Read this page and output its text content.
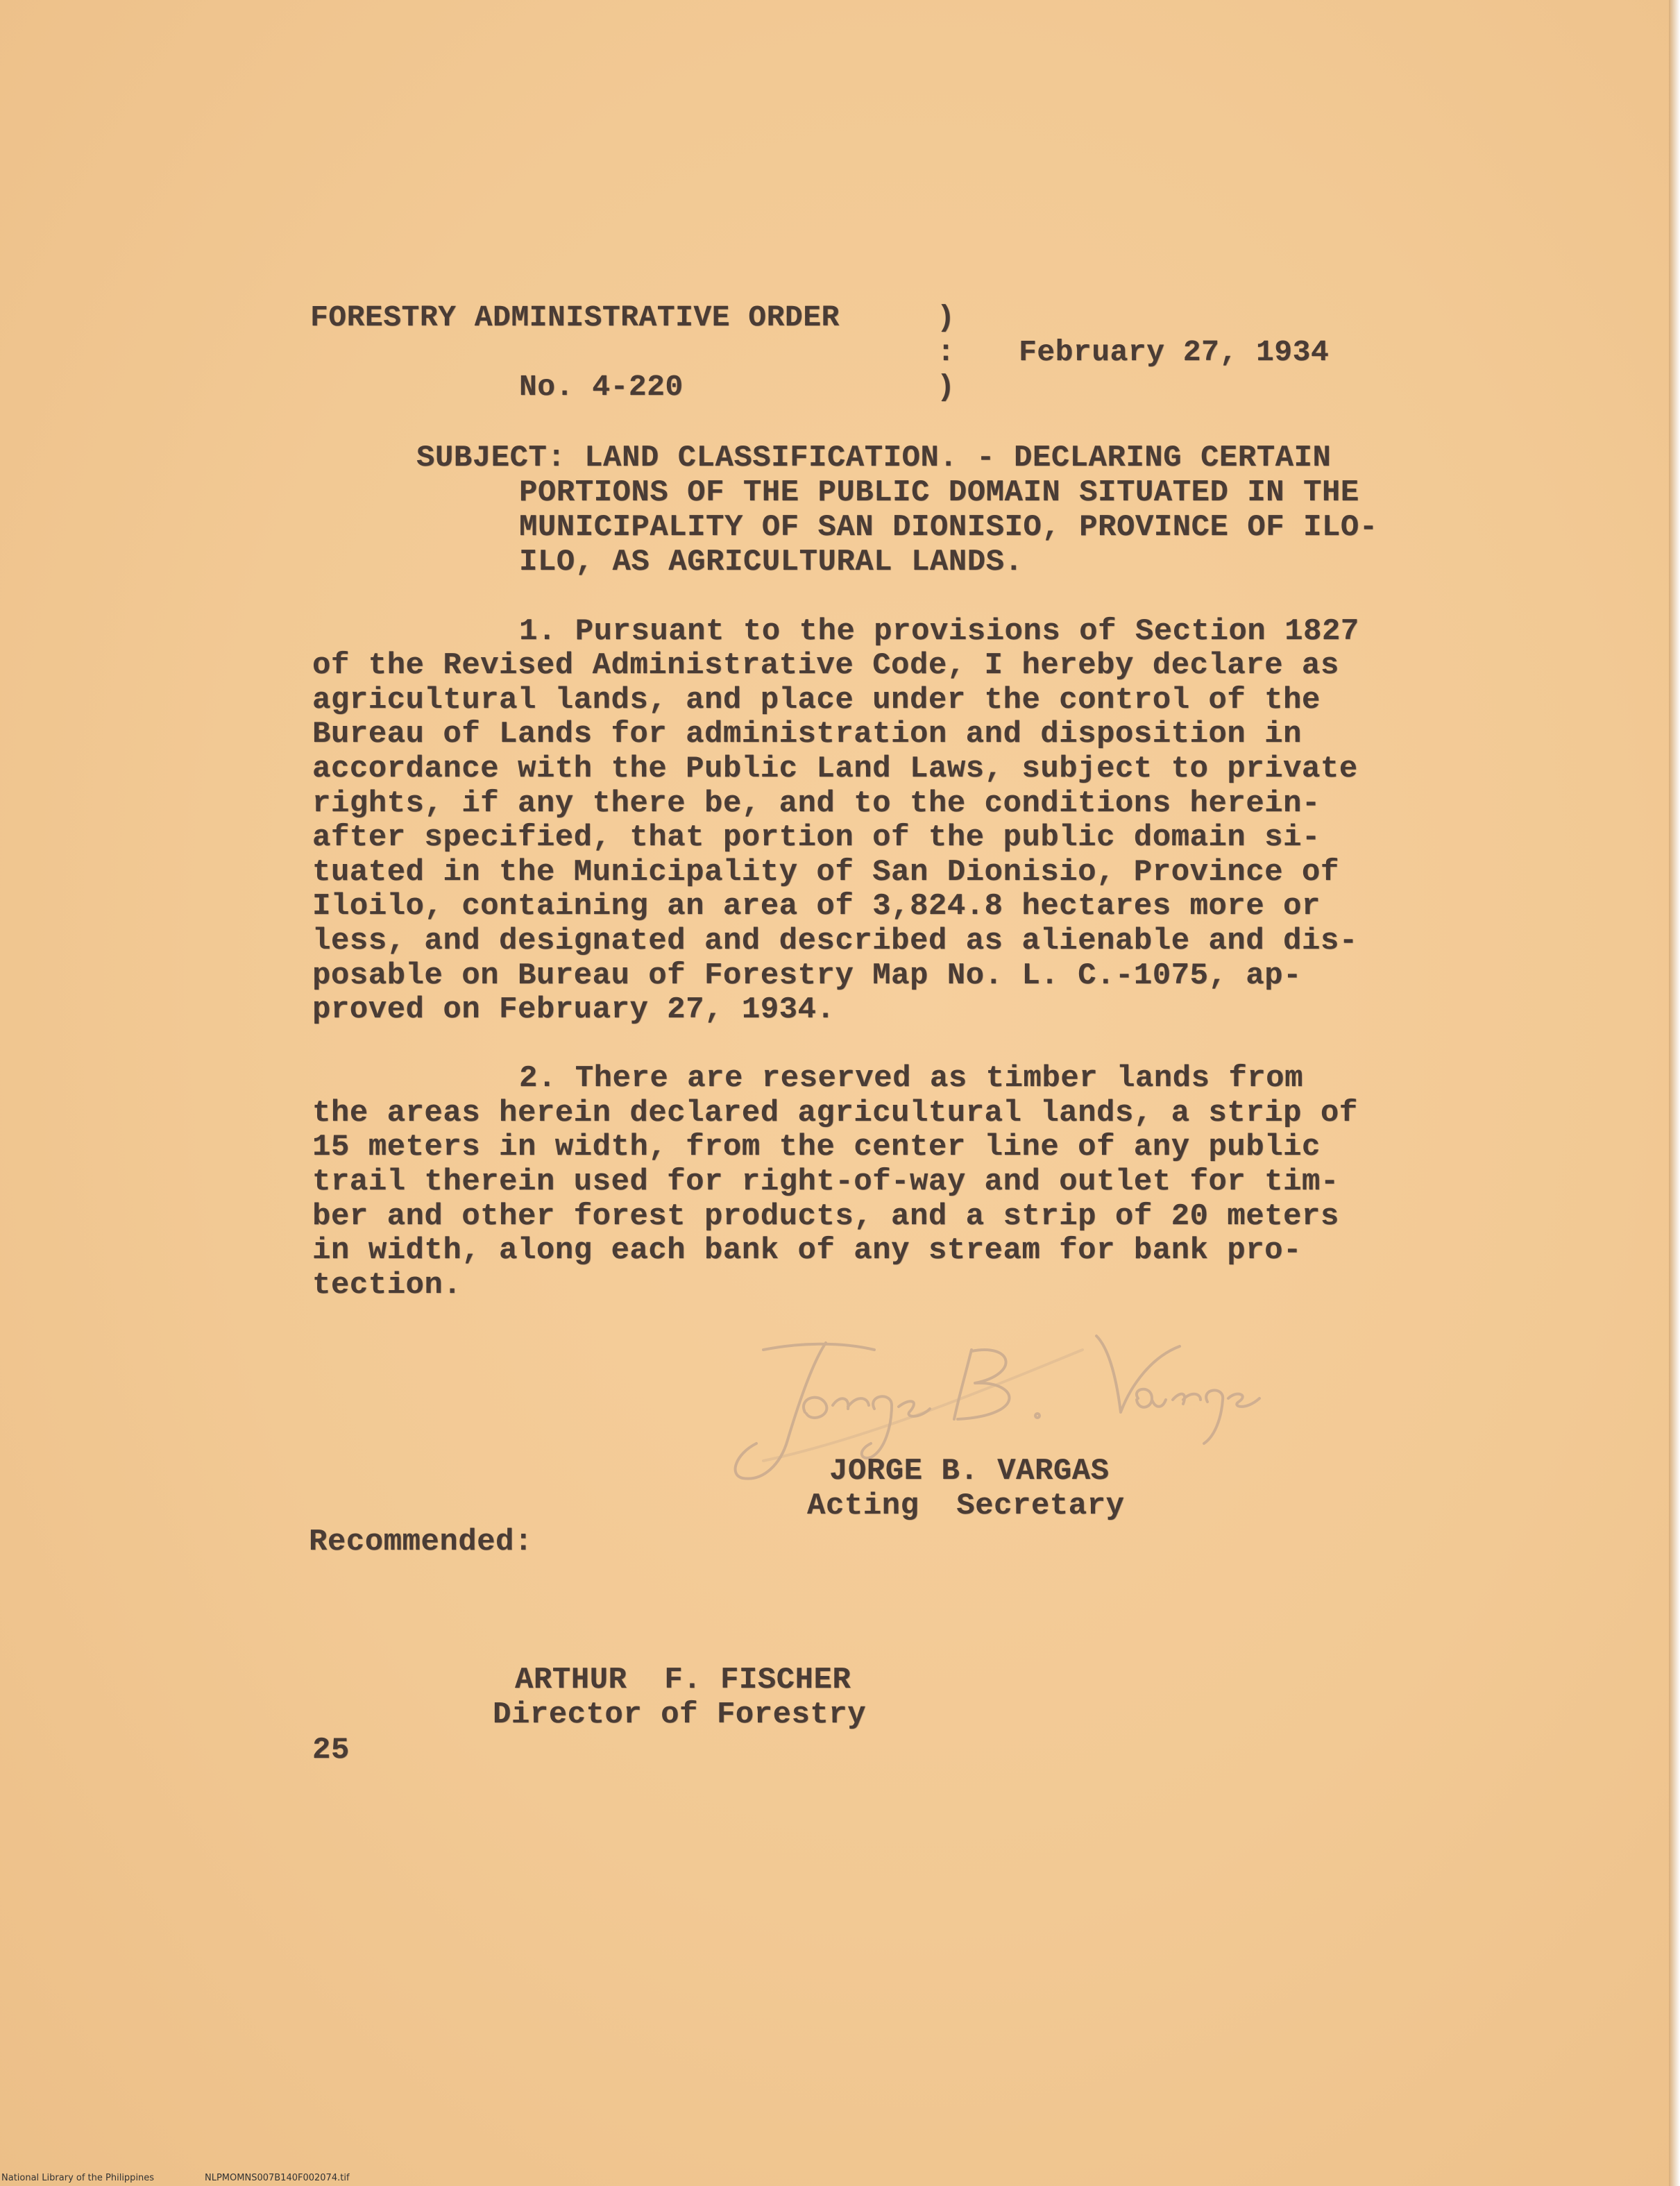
FORESTRY ADMINISTRATIVE ORDER
No. 4-220
)
:
)
February 27, 1934
SUBJECT: LAND CLASSIFICATION. - DECLARING CERTAIN
PORTIONS OF THE PUBLIC DOMAIN SITUATED IN THE
MUNICIPALITY OF SAN DIONISIO, PROVINCE OF ILO-
ILO, AS AGRICULTURAL LANDS.
1. Pursuant to the provisions of Section 1827
of the Revised Administrative Code, I hereby declare as
agricultural lands, and place under the control of the
Bureau of Lands for administration and disposition in
accordance with the Public Land Laws, subject to private
rights, if any there be, and to the conditions herein-
after specified, that portion of the public domain si-
tuated in the Municipality of San Dionisio, Province of
Iloilo, containing an area of 3,824.8 hectares more or
less, and designated and described as alienable and dis-
posable on Bureau of Forestry Map No. L. C.-1075, ap-
proved on February 27, 1934.
2. There are reserved as timber lands from
the areas herein declared agricultural lands, a strip of
15 meters in width, from the center line of any public
trail therein used for right-of-way and outlet for tim-
ber and other forest products, and a strip of 20 meters
in width, along each bank of any stream for bank pro-
tection.
JORGE B. VARGAS
Acting  Secretary
Recommended:
ARTHUR  F. FISCHER
Director of Forestry
25
National Library of the Philippines	NLPMOMNS007B140F002074.tif
